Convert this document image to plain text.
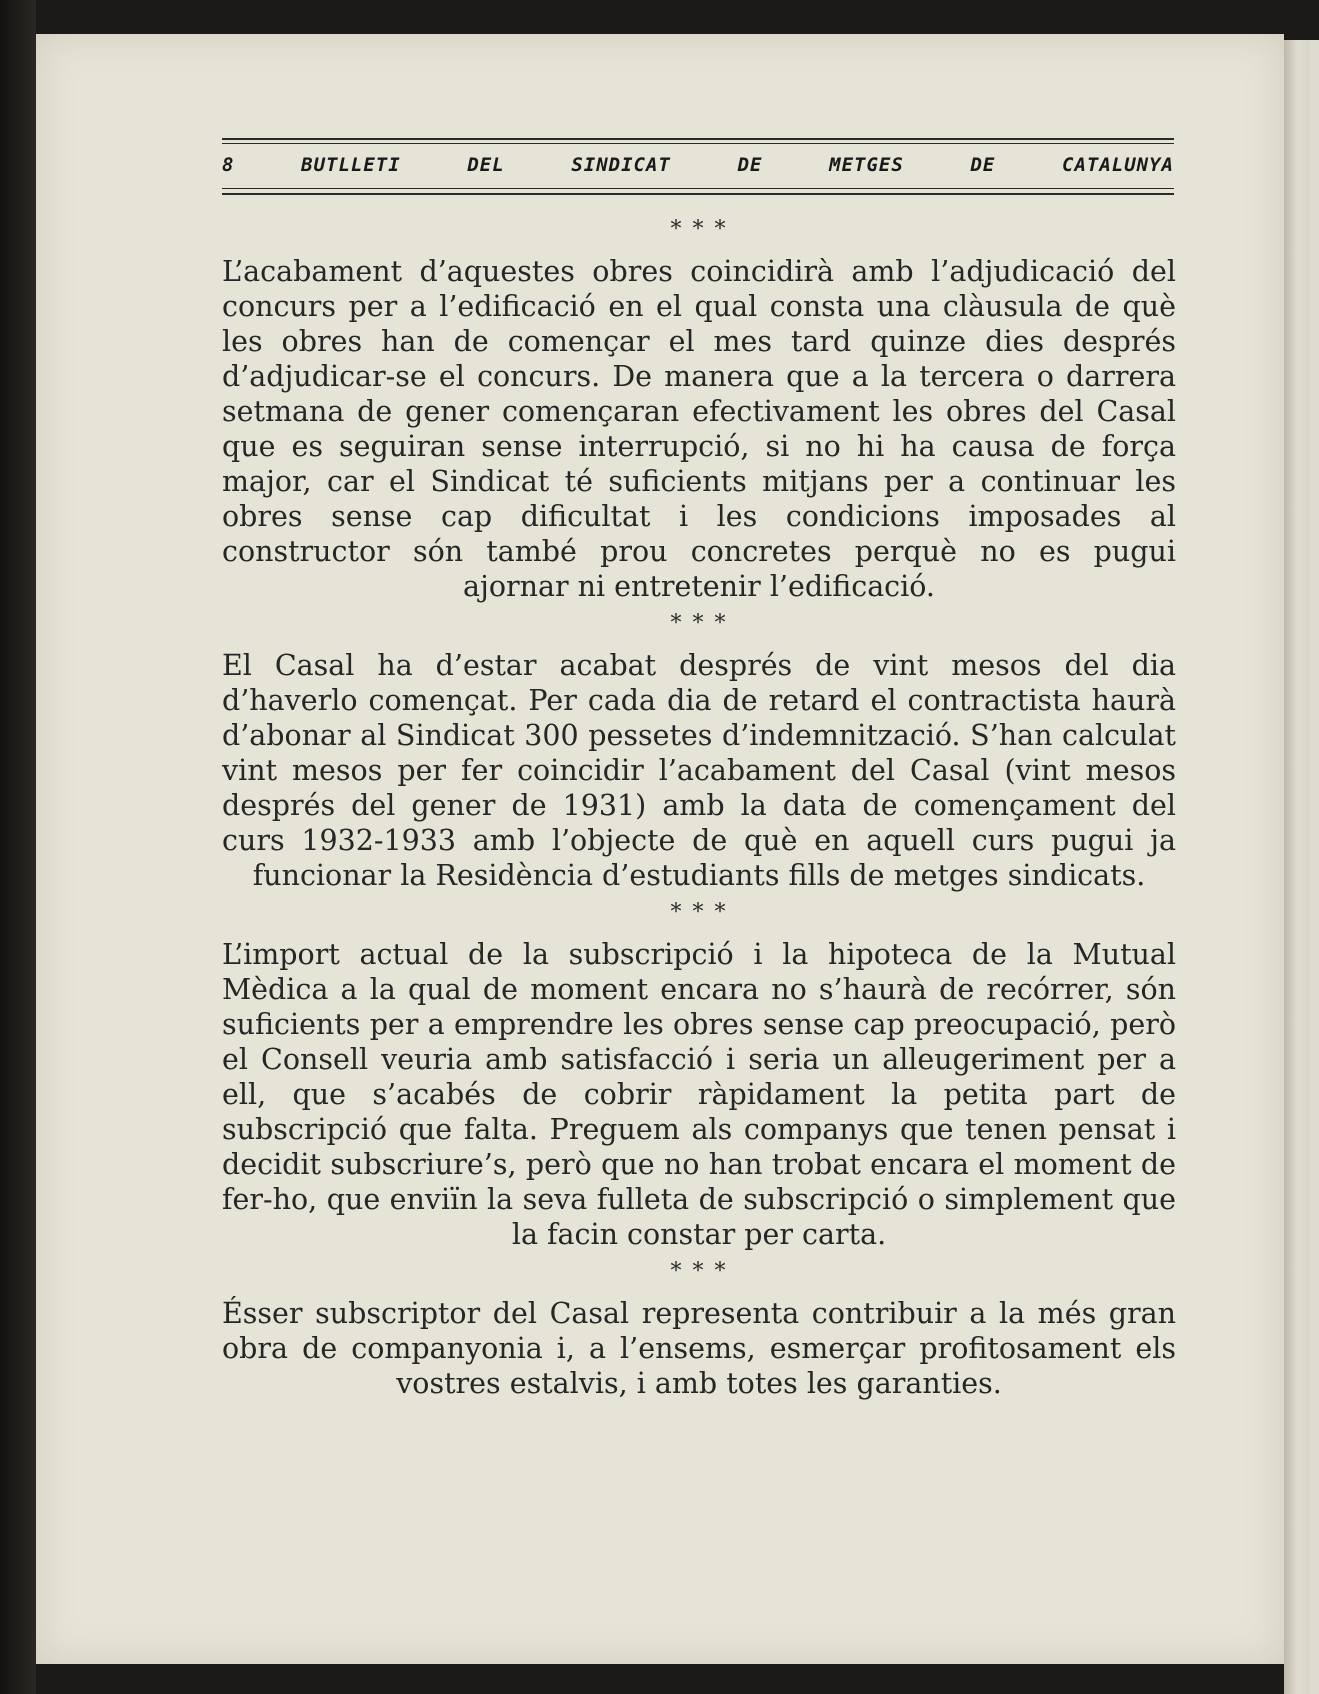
8	BUTLLETI	DEL	SINDICAT	DE	METGES	DE	CATALUNYA
* * *

L’acabament d’aquestes obres coincidirà amb l’adjudicació del concurs per a l’edificació en el qual consta una clàusula de què les obres han de començar el mes tard quinze dies després d’adjudicar-se el concurs. De manera que a la tercera o darrera setmana de gener començaran efectivament les obres del Casal que es seguiran sense interrupció, si no hi ha causa de força major, car el Sindicat té suficients mitjans per a continuar les obres sense cap dificultat i les condicions imposades al constructor són també prou concretes perquè no es pugui ajornar ni entretenir l’edificació.

* * *

El Casal ha d’estar acabat després de vint mesos del dia d’haverlo començat. Per cada dia de retard el contractista haurà d’abonar al Sindicat 300 pessetes d’indemnització. S’han calculat vint mesos per fer coincidir l’acabament del Casal (vint mesos després del gener de 1931) amb la data de començament del curs 1932-1933 amb l’objecte de què en aquell curs pugui ja funcionar la Residència d’estudiants fills de metges sindicats.

* * *

L’import actual de la subscripció i la hipoteca de la Mutual Mèdica a la qual de moment encara no s’haurà de recórrer, són suficients per a emprendre les obres sense cap preocupació, però el Consell veuria amb satisfacció i seria un alleugeriment per a ell, que s’acabés de cobrir ràpidament la petita part de subscripció que falta. Preguem als companys que tenen pensat i decidit subscriure’s, però que no han trobat encara el moment de fer-ho, que enviïn la seva fulleta de subscripció o simplement que la facin constar per carta.

* * *

Ésser subscriptor del Casal representa contribuir a la més gran obra de companyonia i, a l’ensems, esmerçar profitosament els vostres estalvis, i amb totes les garanties.
